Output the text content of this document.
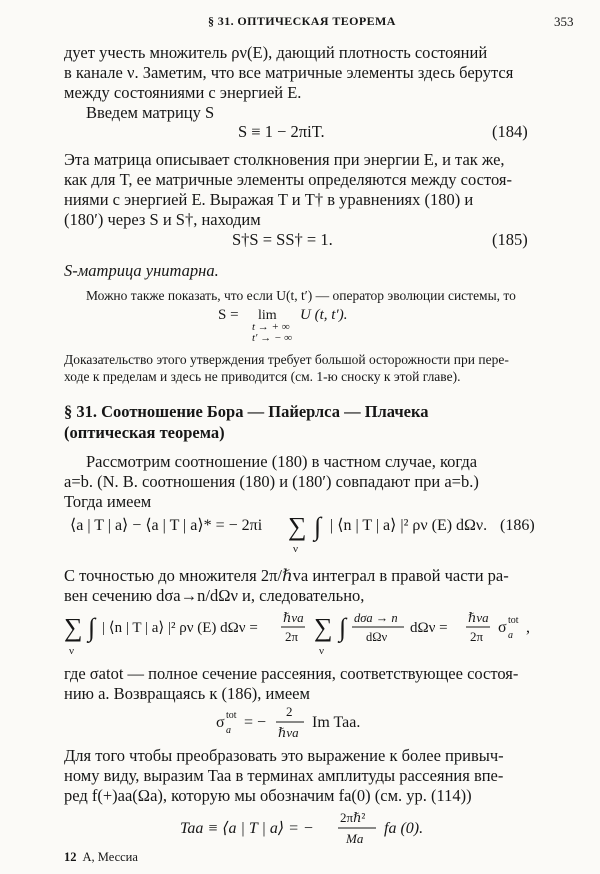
§ 31. ОПТИЧЕСКАЯ ТЕОРЕМА	353
дует учесть множитель ρν(E), дающий плотность состояний
в канале ν. Заметим, что все матричные элементы здесь берутся
между состояниями с энергией E.
Введем матрицу S
S ≡ 1 − 2πiT.	(184)
Эта матрица описывает столкновения при энергии E, и так же,
как для T, ее матричные элементы определяются между состоя-
ниями с энергией E. Выражая T и T† в уравнениях (180) и
(180′) через S и S†, находим
S†S = SS† = 1.	(185)
S-матрица унитарна.
Можно также показать, что если U(t, t′) — оператор эволюции системы, то
S = lim
t → + ∞
t′ → − ∞
U (t, t′).
Доказательство этого утверждения требует большой осторожности при пере-
ходе к пределам и здесь не приводится (см. 1-ю сноску к этой главе).
§ 31. Соотношение Бора — Пайерлса — Плачека
(оптическая теорема)
Рассмотрим соотношение (180) в частном случае, когда
a=b. (N. B. соотношения (180) и (180′) совпадают при a=b.)
Тогда имеем
⟨a | T | a⟩ − ⟨a | T | a⟩* = − 2πi ∑
ν
∫ | ⟨n | T | a⟩ |² ρν (E) dΩν. (186)
С точностью до множителя 2π/ℏva интеграл в правой части ра-
вен сечению dσa→n/dΩν и, следовательно,
∑
ν
∫ | ⟨n | T | a⟩ |² ρν (E) dΩν =
ℏva
2π ∑
ν
∫ dσa → n
dΩν
dΩν =
ℏva
2π
σ tot
a ,
где σatot — полное сечение рассеяния, соответствующее состоя-
нию a. Возвращаясь к (186), имеем
σ tot
a = −
2
ℏva
Im Taa.
Для того чтобы преобразовать это выражение к более привыч-
ному виду, выразим Taa в терминах амплитуды рассеяния впе-
ред f(+)aa(Ωa), которую мы обозначим fa(0) (см. ур. (114))
Taa ≡ ⟨a | T | a⟩ = −
2πℏ²
Ma
fa (0).
12 А, Мессиа
